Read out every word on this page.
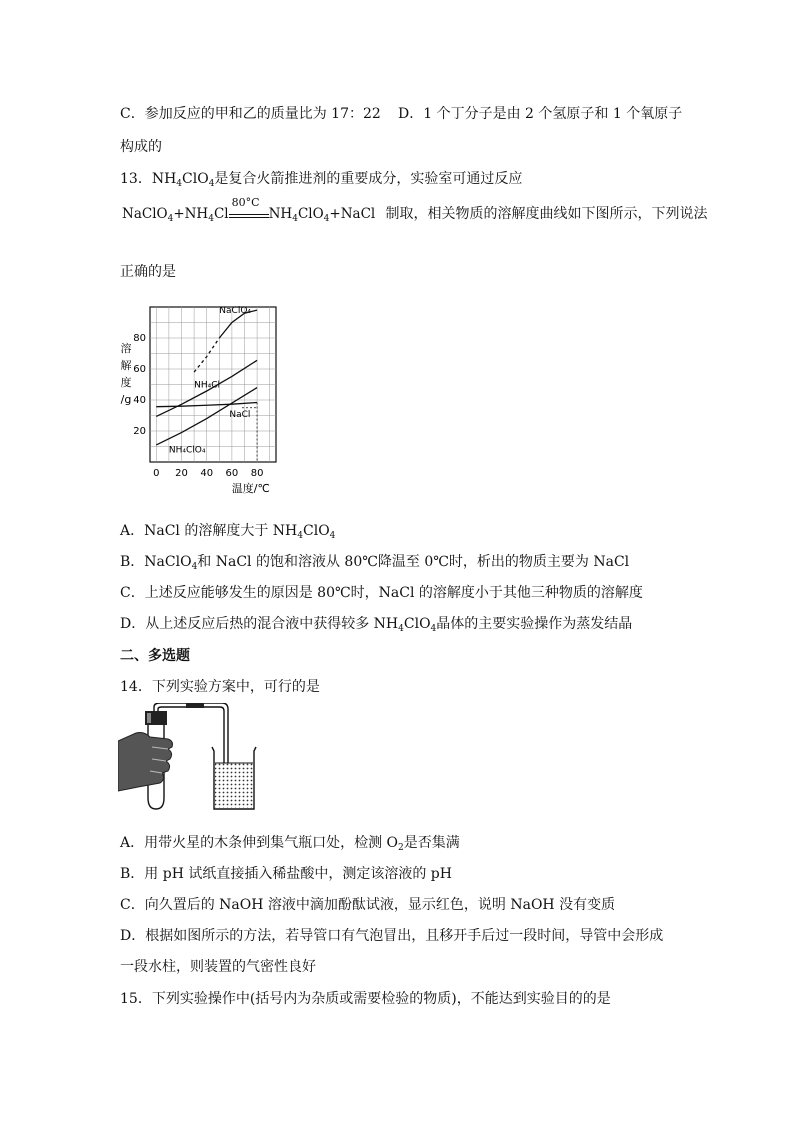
C．参加反应的甲和乙的质量比为 17：22 D．1 个丁分子是由 2 个氢原子和 1 个氧原子
构成的
13．$NH_4ClO_4$是复合火箭推进剂的重要成分，实验室可通过反应
$NaClO_4+NH_4Cl$
80°C
$NH_4ClO_4+NaCl$ 制取，相关物质的溶解度曲线如下图所示，下列说法
正确的是
0 20 40 60 80
20
40
60
80
温度/℃
溶
解
度
/g
NaClO₄
NH₄Cl
NaCl
NH₄ClO₄
A．NaCl 的溶解度大于 $NH_4ClO_4$
B．NaClO$_4$和 NaCl 的饱和溶液从 80℃降温至 0℃时，析出的物质主要为 NaCl
C．上述反应能够发生的原因是 80℃时，NaCl 的溶解度小于其他三种物质的溶解度
D．从上述反应后热的混合液中获得较多 $NH_4ClO_4$晶体的主要实验操作为蒸发结晶
二、多选题
14．下列实验方案中，可行的是
A．用带火星的木条伸到集气瓶口处，检测 $O_2$是否集满
B．用 pH 试纸直接插入稀盐酸中，测定该溶液的 pH
C．向久置后的 NaOH 溶液中滴加酚酞试液，显示红色，说明 NaOH 没有变质
D．根据如图所示的方法，若导管口有气泡冒出，且移开手后过一段时间，导管中会形成
一段水柱，则装置的气密性良好
15．下列实验操作中(括号内为杂质或需要检验的物质)，不能达到实验目的的是
